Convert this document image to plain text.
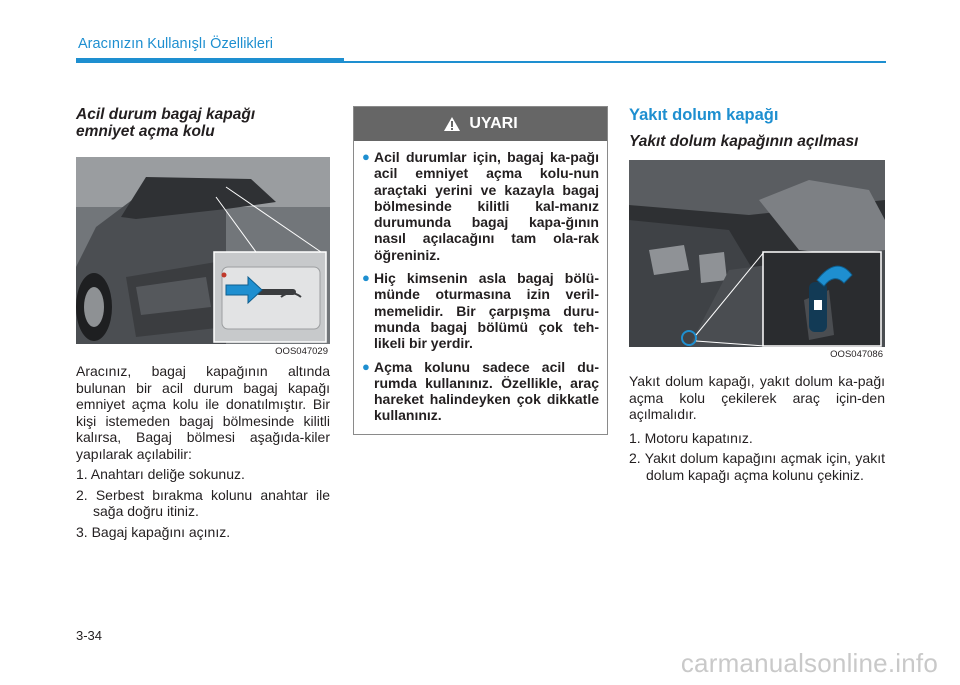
Aracınızın Kullanışlı Özellikleri
Acil durum bagaj kapağı
emniyet açma kolu
OOS047029

Aracınız, bagaj kapağının altında bulunan bir acil durum bagaj kapağı emniyet açma kolu ile donatılmıştır. Bir kişi istemeden bagaj bölmesinde kilitli kalırsa, Bagaj bölmesi aşağıda-kiler yapılarak açılabilir:

1. Anahtarı deliğe sokunuz.
2. Serbest bırakma kolunu anahtar ile sağa doğru itiniz.
3. Bagaj kapağını açınız.
UYARI
● Acil durumlar için, bagaj ka-pağı acil emniyet açma kolu-nun araçtaki yerini ve kazayla bagaj bölmesinde kilitli kal-manız durumunda bagaj kapa-ğının nasıl açılacağını tam ola-rak öğreniniz.
● Hiç kimsenin asla bagaj bölü-münde oturmasına izin veril-memelidir. Bir çarpışma duru-munda bagaj bölümü çok teh-likeli bir yerdir.
● Açma kolunu sadece acil du-rumda kullanınız. Özellikle, araç hareket halindeyken çok dikkatle kullanınız.
Yakıt dolum kapağı
Yakıt dolum kapağının açılması
OOS047086

Yakıt dolum kapağı, yakıt dolum ka-pağı açma kolu çekilerek araç için-den açılmalıdır.

1. Motoru kapatınız.
2. Yakıt dolum kapağını açmak için, yakıt dolum kapağı açma kolunu çekiniz.
3-34
carmanualsonline.info
